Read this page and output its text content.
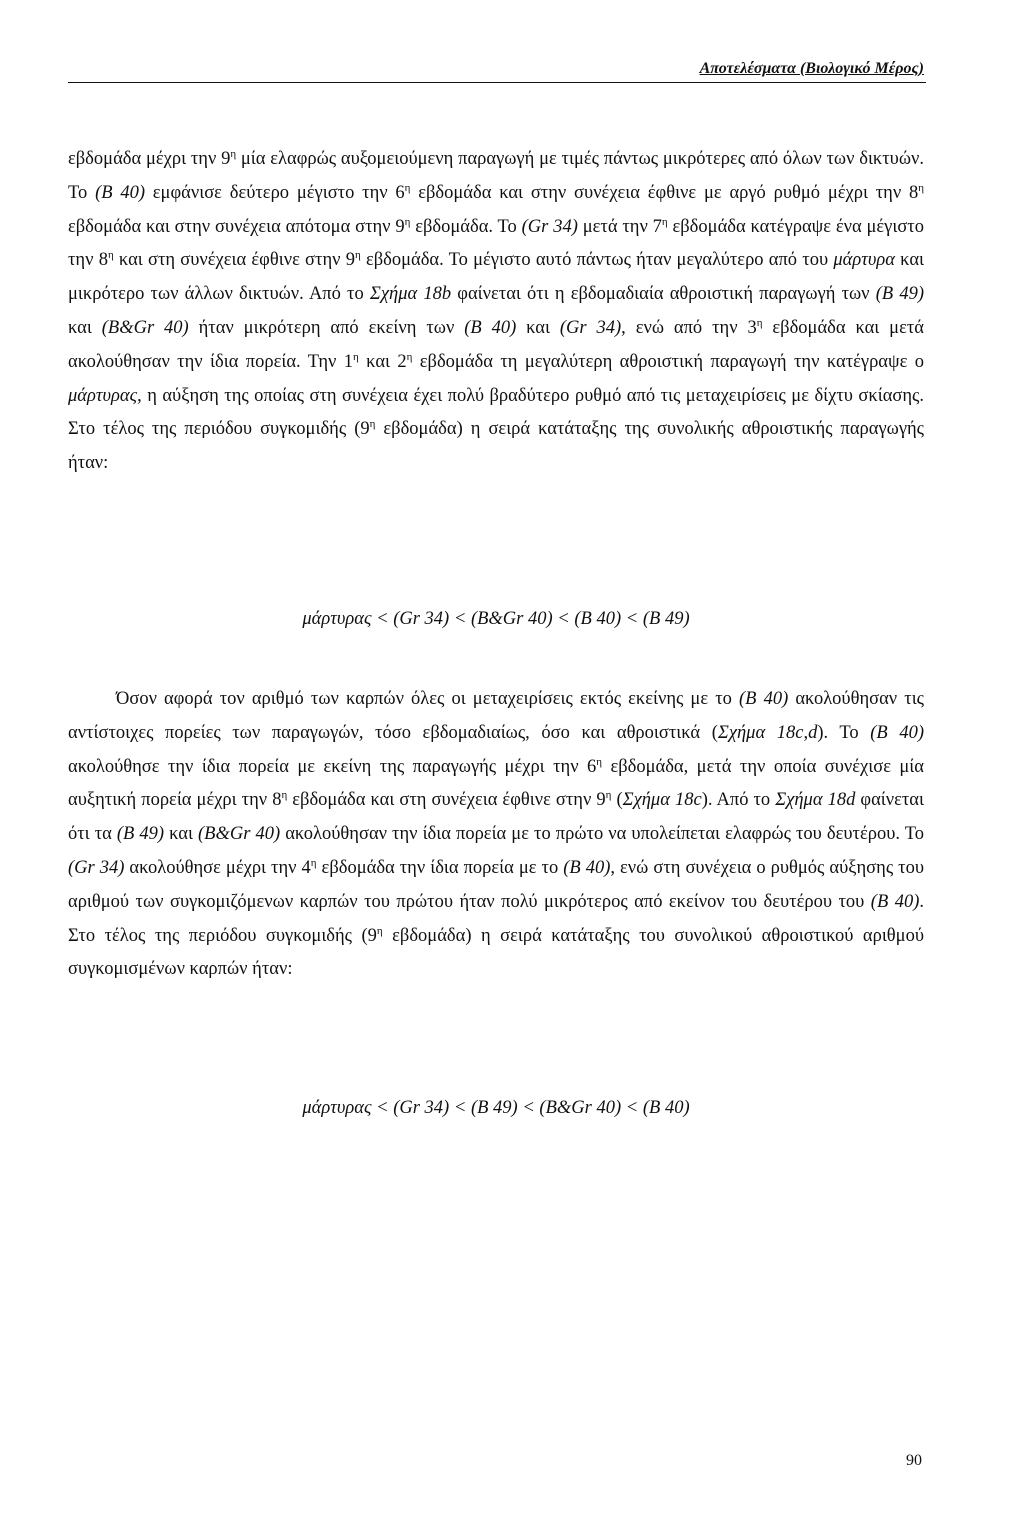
Αποτελέσματα (Βιολογικό Μέρος)

εβδομάδα μέχρι την $9^\eta$ μία ελαφρώς αυξομειούμενη παραγωγή με τιμές πάντως μικρότερες από όλων των δικτυών. Το (Β 40) εμφάνισε δεύτερο μέγιστο την $6^\eta$ εβδομάδα και στην συνέχεια έφθινε με αργό ρυθμό μέχρι την $8^\eta$ εβδομάδα και στην συνέχεια απότομα στην $9^\eta$ εβδομάδα. Το (Gr 34) μετά την $7^\eta$ εβδομάδα κατέγραψε ένα μέγιστο την $8^\eta$ και στη συνέχεια έφθινε στην $9^\eta$ εβδομάδα. Το μέγιστο αυτό πάντως ήταν μεγαλύτερο από του μάρτυρα και μικρότερο των άλλων δικτυών. Από το Σχήμα 18b φαίνεται ότι η εβδομαδιαία αθροιστική παραγωγή των (Β 49) και (B&Gr 40) ήταν μικρότερη από εκείνη των (Β 40) και (Gr 34), ενώ από την $3^\eta$ εβδομάδα και μετά ακολούθησαν την ίδια πορεία. Την $1^\eta$ και $2^\eta$ εβδομάδα τη μεγαλύτερη αθροιστική παραγωγή την κατέγραψε ο μάρτυρας, η αύξηση της οποίας στη συνέχεια έχει πολύ βραδύτερο ρυθμό από τις μεταχειρίσεις με δίχτυ σκίασης. Στο τέλος της περιόδου συγκομιδής ($9^\eta$ εβδομάδα) η σειρά κατάταξης της συνολικής αθροιστικής παραγωγής ήταν:

μάρτυρας < (Gr 34) < (B&Gr 40) < (B 40) < (B 49)

Όσον αφορά τον αριθμό των καρπών όλες οι μεταχειρίσεις εκτός εκείνης με το (Β 40) ακολούθησαν τις αντίστοιχες πορείες των παραγωγών, τόσο εβδομαδιαίως, όσο και αθροιστικά (Σχήμα 18c,d). Το (Β 40) ακολούθησε την ίδια πορεία με εκείνη της παραγωγής μέχρι την $6^\eta$ εβδομάδα, μετά την οποία συνέχισε μία αυξητική πορεία μέχρι την $8^\eta$ εβδομάδα και στη συνέχεια έφθινε στην $9^\eta$ (Σχήμα 18c). Από το Σχήμα 18d φαίνεται ότι τα (Β 49) και (B&Gr 40) ακολούθησαν την ίδια πορεία με το πρώτο να υπολείπεται ελαφρώς του δευτέρου. Το (Gr 34) ακολούθησε μέχρι την $4^\eta$ εβδομάδα την ίδια πορεία με το (Β 40), ενώ στη συνέχεια ο ρυθμός αύξησης του αριθμού των συγκομιζόμενων καρπών του πρώτου ήταν πολύ μικρότερος από εκείνον του δευτέρου του (Β 40). Στο τέλος της περιόδου συγκομιδής ($9^\eta$ εβδομάδα) η σειρά κατάταξης του συνολικού αθροιστικού αριθμού συγκομισμένων καρπών ήταν:

μάρτυρας < (Gr 34) < (B 49) < (B&Gr 40) < (B 40)
90
